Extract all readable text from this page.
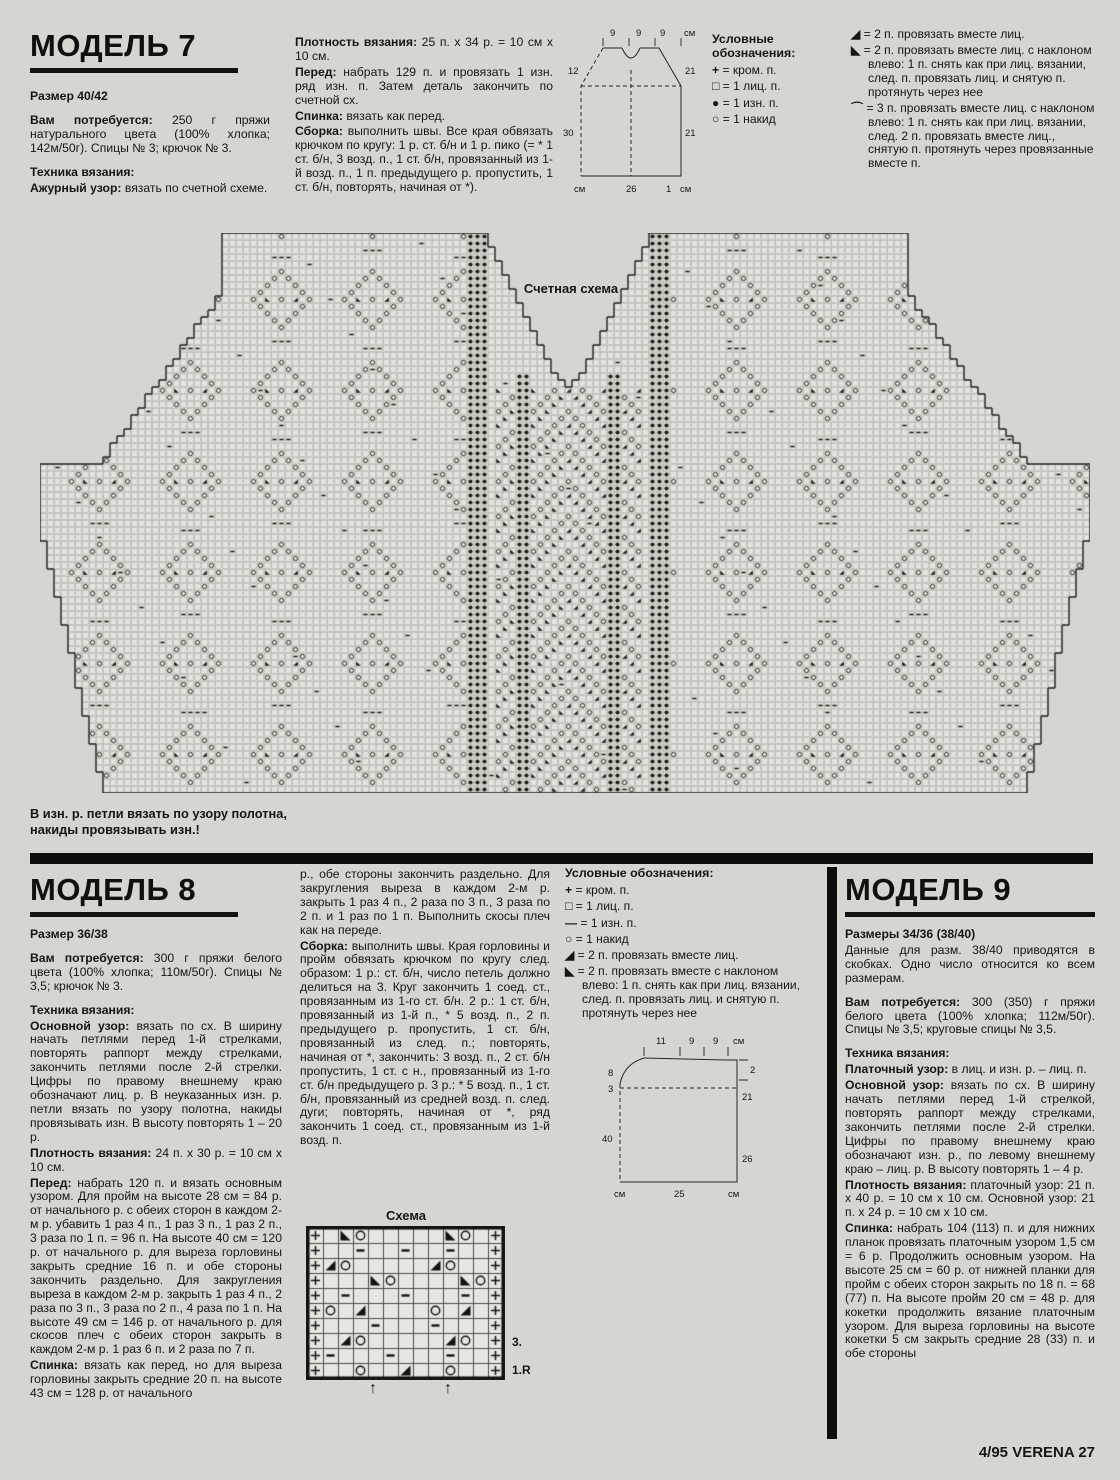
МОДЕЛЬ 7

Размер 40/42

Вам потребуется: 250 г пряжи натурального цвета (100% хлопка; 142м/50г). Спицы № 3; крючок № 3.

Техника вязания:

Ажурный узор: вязать по счетной схеме.

Плотность вязания: 25 п. x 34 р. = 10 см x 10 см.

Перед: набрать 129 п. и провязать 1 изн. ряд изн. п. Затем деталь закончить по счетной сх.

Спинка: вязать как перед.

Сборка: выполнить швы. Все края обвязать крючком по кругу: 1 р. ст. б/н и 1 р. пико (= * 1 ст. б/н, 3 возд. п., 1 ст. б/н, провязанный из 1-й возд. п., 1 п. предыдущего р. пропустить, 1 ст. б/н, повторять, начиная от *).

9 9 9 см
12
30
21
21
см	26	1 см
Условные обозначения:
+ = кром. п.
□ = 1 лиц. п.
● = 1 изн. п.
○ = 1 накид
◢ = 2 п. провязать вместе лиц.
◣ = 2 п. провязать вместе лиц. с наклоном влево: 1 п. снять как при лиц. вязании, след. п. провязать лиц. и снятую п. протянуть через нее
⌒ = 3 п. провязать вместе лиц. с наклоном влево: 1 п. снять как при лиц. вязании, след. 2 п. провязать вместе лиц., снятую п. протянуть через провязанные вместе п.
Счетная схема
В изн. р. петли вязать по узору полотна, накиды провязывать изн.!
МОДЕЛЬ 8

Размер 36/38

Вам потребуется: 300 г пряжи белого цвета (100% хлопка; 110м/50г). Спицы № 3,5; крючок № 3.

Техника вязания:

Основной узор: вязать по сх. В ширину начать петлями перед 1-й стрелками, повторять раппорт между стрелками, закончить петлями после 2-й стрелки. Цифры по правому внешнему краю обозначают лиц. р. В неуказанных изн. р. петли вязать по узору полотна, накиды провязывать изн. В высоту повторять 1 – 20 р.

Плотность вязания: 24 п. x 30 р. = 10 см x 10 см.

Перед: набрать 120 п. и вязать основным узором. Для пройм на высоте 28 см = 84 р. от начального р. с обеих сторон в каждом 2-м р. убавить 1 раз 4 п., 1 раз 3 п., 1 раз 2 п., 3 раза по 1 п. = 96 п. На высоте 40 см = 120 р. от начального р. для выреза горловины закрыть средние 16 п. и обе стороны закончить раздельно. Для закругления выреза в каждом 2-м р. закрыть 1 раз 4 п., 2 раза по 3 п., 3 раза по 2 п., 4 раза по 1 п. На высоте 49 см = 146 р. от начального р. для скосов плеч с обеих сторон закрыть в каждом 2-м р. 1 раз 6 п. и 2 раза по 7 п.

Спинка: вязать как перед, но для выреза горловины закрыть средние 20 п. на высоте 43 см = 128 р. от начального

р., обе стороны закончить раздельно. Для закругления выреза в каждом 2-м р. закрыть 1 раз 4 п., 2 раза по 3 п., 3 раза по 2 п. и 1 раз по 1 п. Выполнить скосы плеч как на переде.

Сборка: выполнить швы. Края горловины и пройм обвязать крючком по кругу след. образом: 1 р.: ст. б/н, число петель должно делиться на 3. Круг закончить 1 соед. ст., провязанным из 1-го ст. б/н. 2 р.: 1 ст. б/н, провязанный из 1-й п., * 5 возд. п., 2 п. предыдущего р. пропустить, 1 ст. б/н, провязанный из след. п.; повторять, начиная от *, закончить: 3 возд. п., 2 ст. б/н пропустить, 1 ст. с н., провязанный из 1-го ст. б/н предыдущего р. 3 р.: * 5 возд. п., 1 ст. б/н, провязанный из средней возд. п. след. дуги; повторять, начиная от *, ряд закончить 1 соед. ст., провязанным из 1-й возд. п.

Схема
3.
1.R
↑	↑
Условные обозначения:
+ = кром. п.
□ = 1 лиц. п.
— = 1 изн. п.
○ = 1 накид
◢ = 2 п. провязать вместе лиц.
◣ = 2 п. провязать вместе с наклоном влево: 1 п. снять как при лиц. вязании, след. п. провязать лиц. и снятую п. протянуть через нее
11 9 9 см
2
8
3
40
21
26
см	25	см
МОДЕЛЬ 9

Размеры 34/36 (38/40)

Данные для разм. 38/40 приводятся в скобках. Одно число относится ко всем размерам.

Вам потребуется: 300 (350) г пряжи белого цвета (100% хлопка; 112м/50г). Спицы № 3,5; круговые спицы № 3,5.

Техника вязания:

Платочный узор: в лиц. и изн. р. – лиц. п.

Основной узор: вязать по сх. В ширину начать петлями перед 1-й стрелкой, повторять раппорт между стрелками, закончить петлями после 2-й стрелки. Цифры по правому внешнему краю обозначают изн. р., по левому внешнему краю – лиц. р. В высоту повторять 1 – 4 р.

Плотность вязания: платочный узор: 21 п. x 40 р. = 10 см x 10 см. Основной узор: 21 п. x 24 р. = 10 см x 10 см.

Спинка: набрать 104 (113) п. и для нижних планок провязать платочным узором 1,5 см = 6 р. Продолжить основным узором. На высоте 25 см = 60 р. от нижней планки для пройм с обеих сторон закрыть по 18 п. = 68 (77) п. На высоте пройм 20 см = 48 р. для кокетки продолжить вязание платочным узором. Для выреза горловины на высоте кокетки 5 см закрыть средние 28 (33) п. и обе стороны

4/95 VERENA 27
